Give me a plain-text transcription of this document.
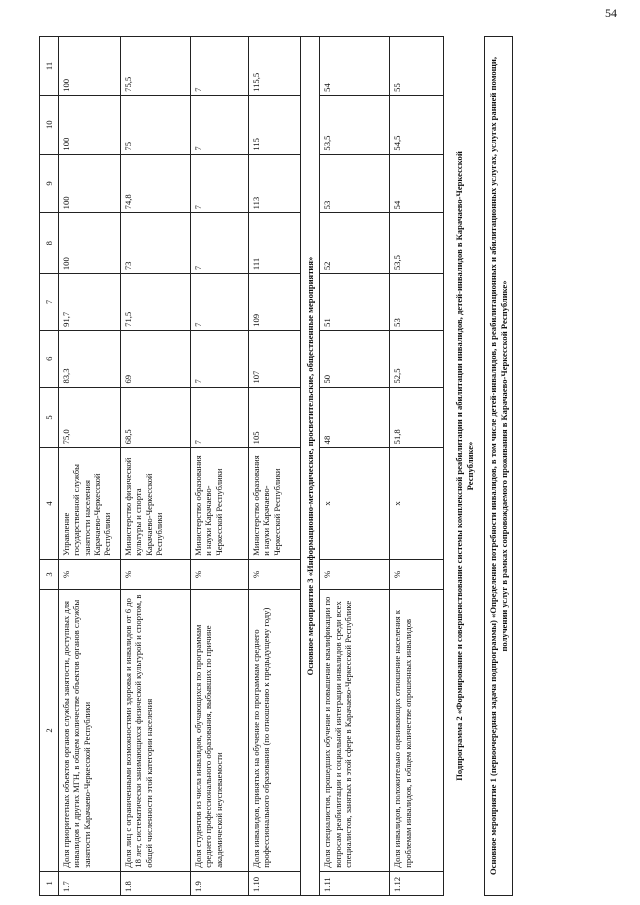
54
1	2	3	4	5	6	7	8	9	10	11
1.7	Доля приоритетных объектов органов службы занятости, доступных для инвалидов и других МГН, в общем количестве объектов органов службы занятости Карачаево-Черкесской Республики	%	Управление государственной службы занятости населения Карачаево-Черкесской Республики	75,0	83,3	91,7	100	100	100	100
1.8	Доля лиц с ограниченными возможностями здоровья и инвалидов от 6 до 18 лет, систематически занимающихся физической культурой и спортом, в общей численности этой категории населения	%	Министерство физической культуры и спорта Карачаево-Черкесской Республики	68,5	69	71,5	73	74,8	75	75,5
1.9	Доля студентов из числа инвалидов, обучающихся по программам среднего профессионального образования, выбывших по причине академической неуспеваемости	%	Министерство образования и науки Карачаево-Черкесской Республики	7	7	7	7	7	7	7
1.10	Доля инвалидов, принятых на обучение по программам среднего профессионального образования (по отношению к предыдущему году)	%	Министерство образования и науки Карачаево-Черкесской Республики	105	107	109	111	113	115	115,5
Основное мероприятие 3 «Информационно-методические, просветительские, общественные мероприятия»										
1.11	Доля специалистов, прошедших обучение и повышение квалификации по вопросам реабилитации и социальной интеграции инвалидов среди всех специалистов, занятых в этой сфере в Карачаево-Черкесской Республике	%	x	48	50	51	52	53	53,5	54
1.12	Доля инвалидов, положительно оценивающих отношение населения к проблемам инвалидов, в общем количестве опрошенных инвалидов	%	x	51,8	52,5	53	53,5	54	54,5	55
Подпрограмма 2 «Формирование и совершенствование системы комплексной реабилитации и абилитации инвалидов, детей-инвалидов в Карачаево-Черкесской Республике»	Основное мероприятие 1 (первоочередная задача подпрограммы) «Определение потребности инвалидов, в том числе детей-инвалидов, в реабилитационных и абилитационных услугах, услугах ранней помощи, получении услуг в рамках сопровождаемого проживания в Карачаево-Черкесской Республике»
